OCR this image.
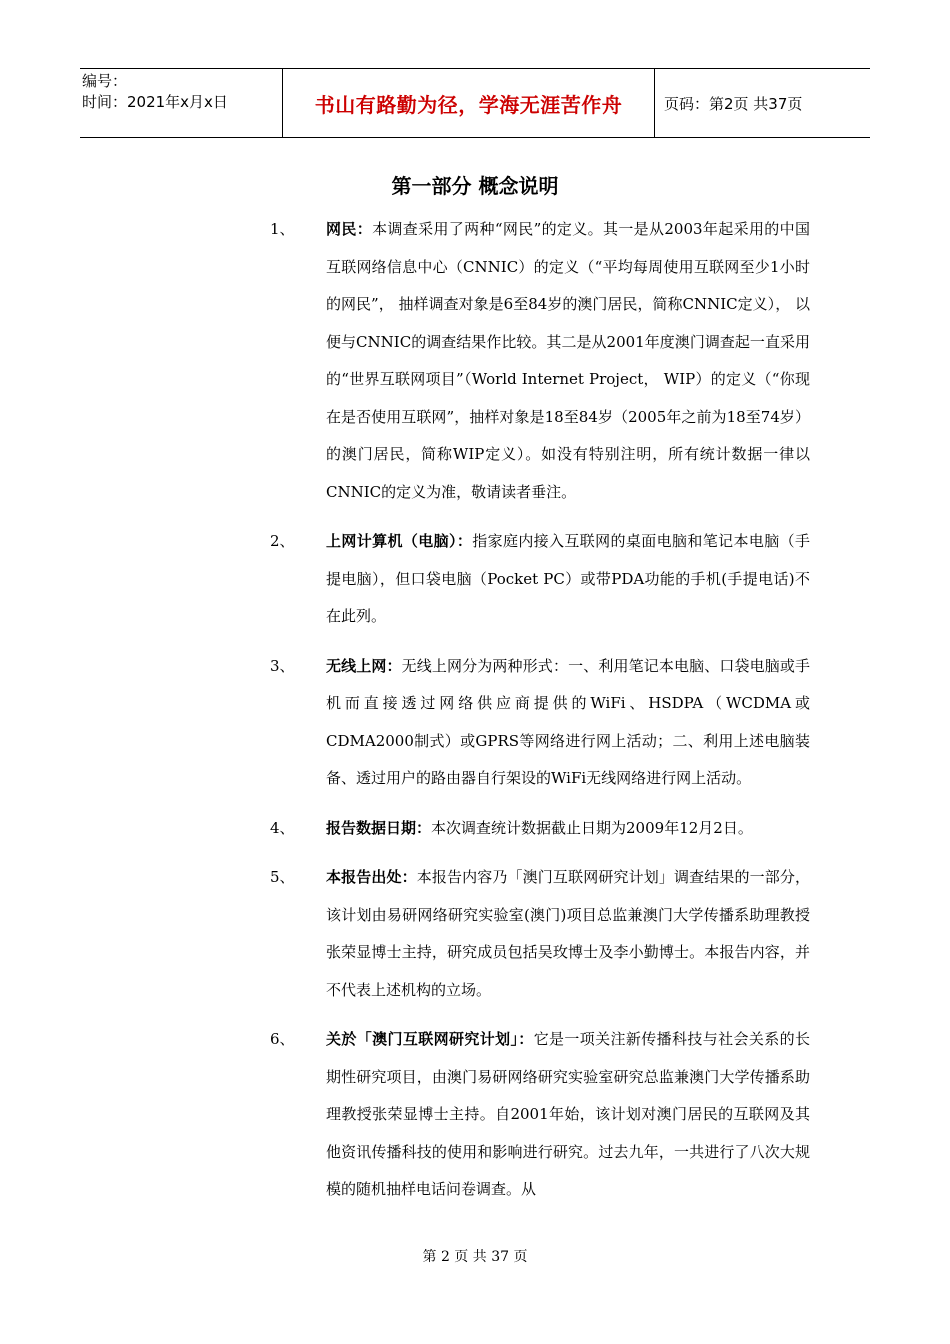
编号：
时间：2021年x月x日	书山有路勤为径，学海无涯苦作舟	页码：第2页 共37页
第一部分 概念说明
1、	网民：本调查采用了两种“网民”的定义。其一是从2003年起采用的中国互联网络信息中心（CNNIC）的定义（“平均每周使用互联网至少1小时的网民”， 抽样调查对象是6至84岁的澳门居民，简称CNNIC定义）， 以便与CNNIC的调查结果作比较。其二是从2001年度澳门调查起一直采用的“世界互联网项目”（World Internet Project， WIP）的定义（“你现在是否使用互联网”，抽样对象是18至84岁（2005年之前为18至74岁）的澳门居民，简称WIP定义）。如没有特别注明，所有统计数据一律以CNNIC的定义为准，敬请读者垂注。
2、	上网计算机（电脑）：指家庭内接入互联网的桌面电脑和笔记本电脑（手提电脑），但口袋电脑（Pocket PC）或带PDA功能的手机(手提电话)不在此列。
3、	无线上网：无线上网分为两种形式：一、利用笔记本电脑、口袋电脑或手机而直接透过网络供应商提供的WiFi、HSDPA（WCDMA或CDMA2000制式）或GPRS等网络进行网上活动；二、利用上述电脑装备、透过用户的路由器自行架设的WiFi无线网络进行网上活动。
4、	报告数据日期：本次调查统计数据截止日期为2009年12月2日。
5、	本报告出处：本报告内容乃「澳门互联网研究计划」调查结果的一部分， 该计划由易研网络研究实验室(澳门)项目总监兼澳门大学传播系助理教授张荣显博士主持，研究成员包括吴玫博士及李小勤博士。本报告内容，并不代表上述机构的立场。
6、	关於「澳门互联网研究计划」：它是一项关注新传播科技与社会关系的长期性研究项目，由澳门易研网络研究实验室研究总监兼澳门大学传播系助理教授张荣显博士主持。自2001年始，该计划对澳门居民的互联网及其他资讯传播科技的使用和影响进行研究。过去九年，一共进行了八次大规模的随机抽样电话问卷调查。从
第 2 页 共 37 页
